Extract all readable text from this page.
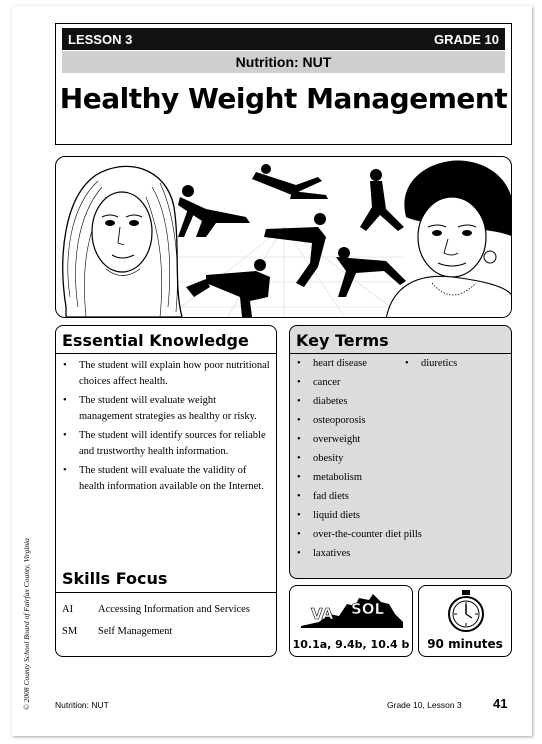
LESSON 3	GRADE 10
Nutrition: NUT
Healthy Weight Management
Essential Knowledge
• The student will explain how poor nutritional choices affect health.
• The student will evaluate weight management strategies as healthy or risky.
• The student will identify sources for reliable and trustworthy health information.
• The student will evaluate the validity of health information available on the Internet.
Skills Focus
AI	Accessing Information and Services
SM	Self Management
Key Terms
• heart disease
• cancer
• diabetes
• osteoporosis
• overweight
• obesity
• metabolism
• fad diets
• liquid diets
• over-the-counter diet pills
• laxatives
• diuretics
VA SOL
10.1a, 9.4b, 10.4 b	90 minutes
© 2008 County School Board of Fairfax County, Virginia	Nutrition: NUT	Grade 10, Lesson 3 41
